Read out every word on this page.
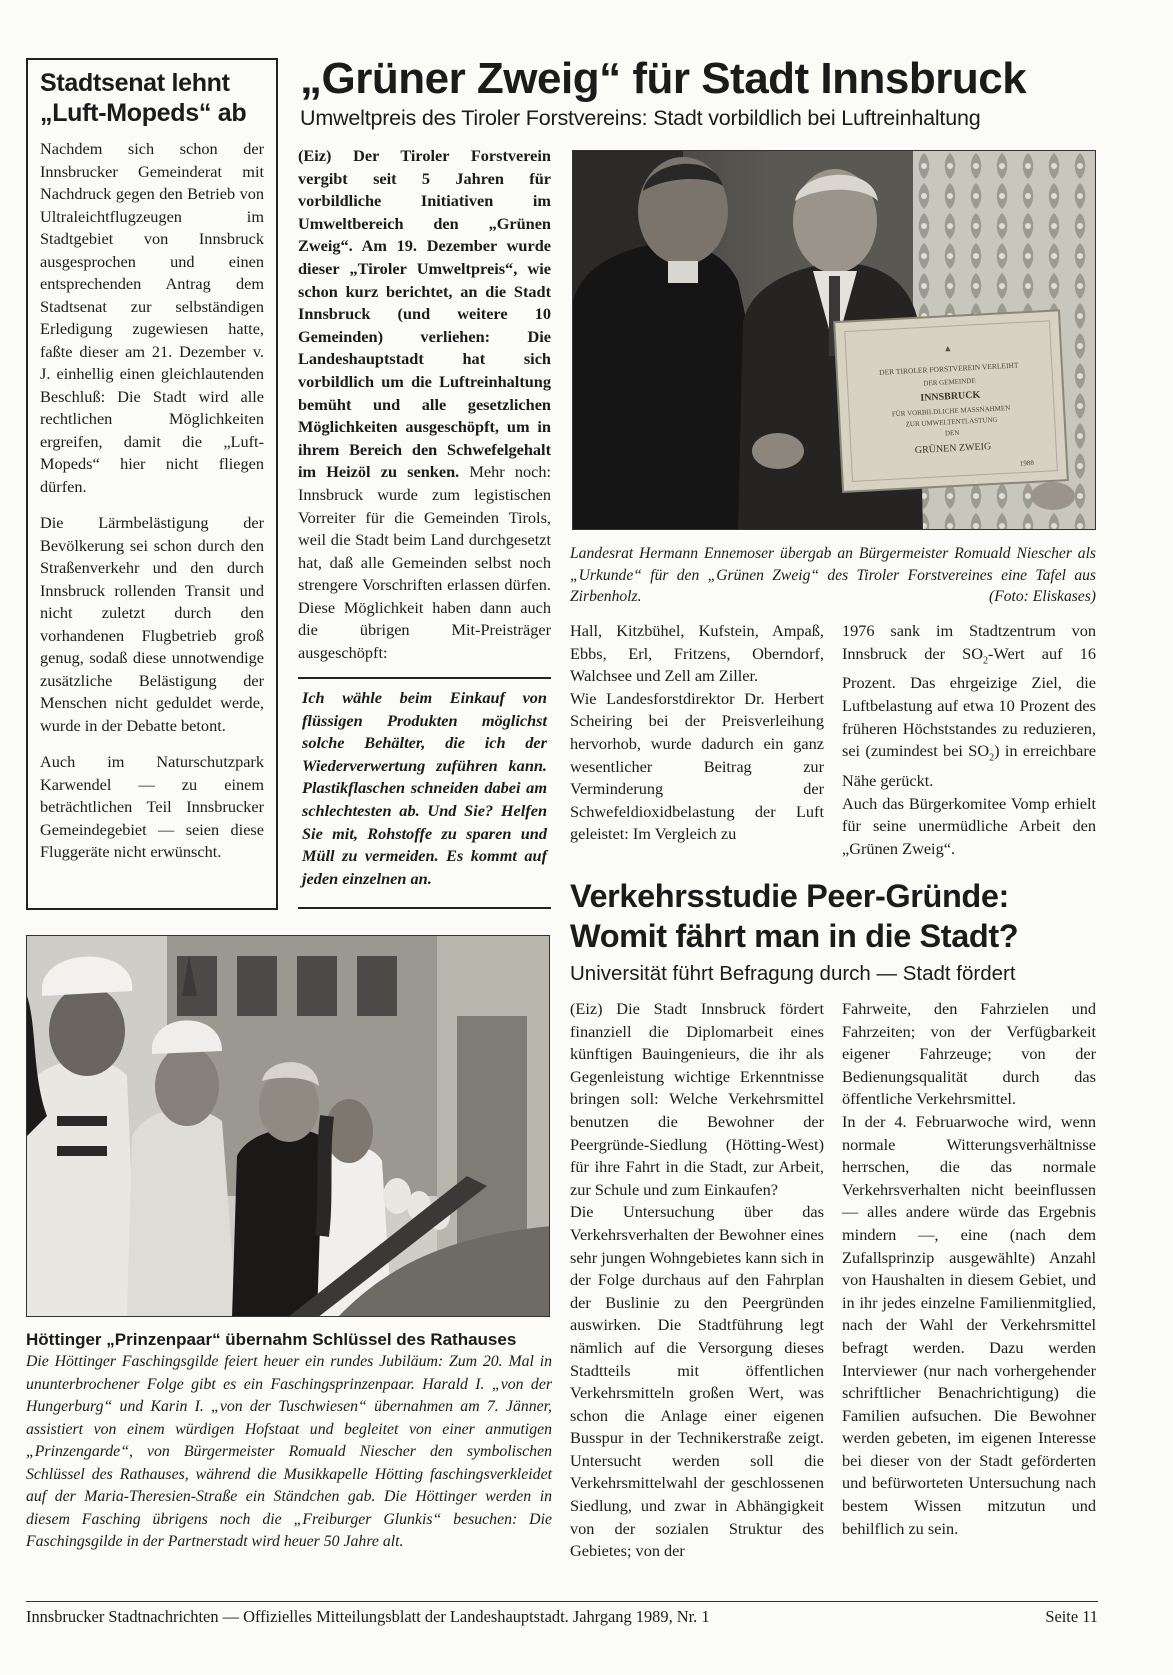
Stadtsenat lehnt „Luft-Mopeds“ ab

Nachdem sich schon der Innsbrucker Gemeinderat mit Nachdruck gegen den Betrieb von Ultraleichtflugzeugen im Stadtgebiet von Innsbruck ausgesprochen und einen entsprechenden Antrag dem Stadtsenat zur selbständigen Erledigung zugewiesen hatte, faßte dieser am 21. Dezember v. J. einhellig einen gleichlautenden Beschluß: Die Stadt wird alle rechtlichen Möglichkeiten ergreifen, damit die „Luft-Mopeds“ hier nicht fliegen dürfen.

Die Lärmbelästigung der Bevölkerung sei schon durch den Straßenverkehr und den durch Innsbruck rollenden Transit und nicht zuletzt durch den vorhandenen Flugbetrieb groß genug, sodaß diese unnotwendige zusätzliche Belästigung der Menschen nicht geduldet werde, wurde in der Debatte betont.

Auch im Naturschutzpark Karwendel — zu einem beträchtlichen Teil Innsbrucker Gemeindegebiet — seien diese Fluggeräte nicht erwünscht.

„Grüner Zweig“ für Stadt Innsbruck
Umweltpreis des Tiroler Forstvereins: Stadt vorbildlich bei Luftreinhaltung

(Eiz) Der Tiroler Forstverein vergibt seit 5 Jahren für vorbildliche Initiativen im Umweltbereich den „Grünen Zweig“. Am 19. Dezember wurde dieser „Tiroler Umweltpreis“, wie schon kurz berichtet, an die Stadt Innsbruck (und weitere 10 Gemeinden) verliehen: Die Landeshauptstadt hat sich vorbildlich um die Luftreinhaltung bemüht und alle gesetzlichen Möglichkeiten ausgeschöpft, um in ihrem Bereich den Schwefelgehalt im Heizöl zu senken. Mehr noch: Innsbruck wurde zum legistischen Vorreiter für die Gemeinden Tirols, weil die Stadt beim Land durchgesetzt hat, daß alle Gemeinden selbst noch strengere Vorschriften erlassen dürfen. Diese Möglichkeit haben dann auch die übrigen Mit-Preisträger ausgeschöpft:

Ich wähle beim Einkauf von flüssigen Produkten möglichst solche Behälter, die ich der Wiederverwertung zuführen kann. Plastikflaschen schneiden dabei am schlechtesten ab. Und Sie? Helfen Sie mit, Rohstoffe zu sparen und Müll zu vermeiden. Es kommt auf jeden einzelnen an.

▲
DER TIROLER FORSTVEREIN VERLEIHT
DER GEMEINDE
INNSBRUCK
FÜR VORBILDLICHE MASSNAHMEN
ZUR UMWELTENTLASTUNG
DEN
GRÜNEN ZWEIG
1988

Landesrat Hermann Ennemoser übergab an Bürgermeister Romuald Niescher als „Urkunde“ für den „Grünen Zweig“ des Tiroler Forstvereines eine Tafel aus Zirbenholz.	(Foto: Eliskases)

Hall, Kitzbühel, Kufstein, Ampaß, Ebbs, Erl, Fritzens, Oberndorf, Walchsee und Zell am Ziller.

Wie Landesforstdirektor Dr. Herbert Scheiring bei der Preisverleihung hervorhob, wurde dadurch ein ganz wesentlicher Beitrag zur Verminderung der Schwefeldioxidbelastung der Luft geleistet: Im Vergleich zu

1976 sank im Stadtzentrum von Innsbruck der $SO_2$-Wert auf 16 Prozent. Das ehrgeizige Ziel, die Luftbelastung auf etwa 10 Prozent des früheren Höchststandes zu reduzieren, sei (zumindest bei $SO_2$) in erreichbare Nähe gerückt.

Auch das Bürgerkomitee Vomp erhielt für seine unermüdliche Arbeit den „Grünen Zweig“.

Verkehrsstudie Peer-Gründe:
Womit fährt man in die Stadt?
Universität führt Befragung durch — Stadt fördert

(Eiz) Die Stadt Innsbruck fördert finanziell die Diplomarbeit eines künftigen Bauingenieurs, die ihr als Gegenleistung wichtige Erkenntnisse bringen soll: Welche Verkehrsmittel benutzen die Bewohner der Peergründe-Siedlung (Hötting-West) für ihre Fahrt in die Stadt, zur Arbeit, zur Schule und zum Einkaufen?

Die Untersuchung über das Verkehrsverhalten der Bewohner eines sehr jungen Wohngebietes kann sich in der Folge durchaus auf den Fahrplan der Buslinie zu den Peergründen auswirken. Die Stadtführung legt nämlich auf die Versorgung dieses Stadtteils mit öffentlichen Verkehrsmitteln großen Wert, was schon die Anlage einer eigenen Busspur in der Technikerstraße zeigt. Untersucht werden soll die Verkehrsmittelwahl der geschlossenen Siedlung, und zwar in Abhängigkeit von der sozialen Struktur des Gebietes; von der

Fahrweite, den Fahrzielen und Fahrzeiten; von der Verfügbarkeit eigener Fahrzeuge; von der Bedienungsqualität durch das öffentliche Verkehrsmittel.

In der 4. Februarwoche wird, wenn normale Witterungsverhältnisse herrschen, die das normale Verkehrsverhalten nicht beeinflussen — alles andere würde das Ergebnis mindern —, eine (nach dem Zufallsprinzip ausgewählte) Anzahl von Haushalten in diesem Gebiet, und in ihr jedes einzelne Familienmitglied, nach der Wahl der Verkehrsmittel befragt werden. Dazu werden Interviewer (nur nach vorhergehender schriftlicher Benachrichtigung) die Familien aufsuchen. Die Bewohner werden gebeten, im eigenen Interesse bei dieser von der Stadt geförderten und befürworteten Untersuchung nach bestem Wissen mitzutun und behilflich zu sein.

Höttinger „Prinzenpaar“ übernahm Schlüssel des Rathauses

Die Höttinger Faschingsgilde feiert heuer ein rundes Jubiläum: Zum 20. Mal in ununterbrochener Folge gibt es ein Faschingsprinzenpaar. Harald I. „von der Hungerburg“ und Karin I. „von der Tuschwiesen“ übernahmen am 7. Jänner, assistiert von einem würdigen Hofstaat und begleitet von einer anmutigen „Prinzengarde“, von Bürgermeister Romuald Niescher den symbolischen Schlüssel des Rathauses, während die Musikkapelle Hötting faschingsverkleidet auf der Maria-Theresien-Straße ein Ständchen gab. Die Höttinger werden in diesem Fasching übrigens noch die „Freiburger Glunkis“ besuchen: Die Faschingsgilde in der Partnerstadt wird heuer 50 Jahre alt.

Innsbrucker Stadtnachrichten — Offizielles Mitteilungsblatt der Landeshauptstadt. Jahrgang 1989, Nr. 1	Seite 11
